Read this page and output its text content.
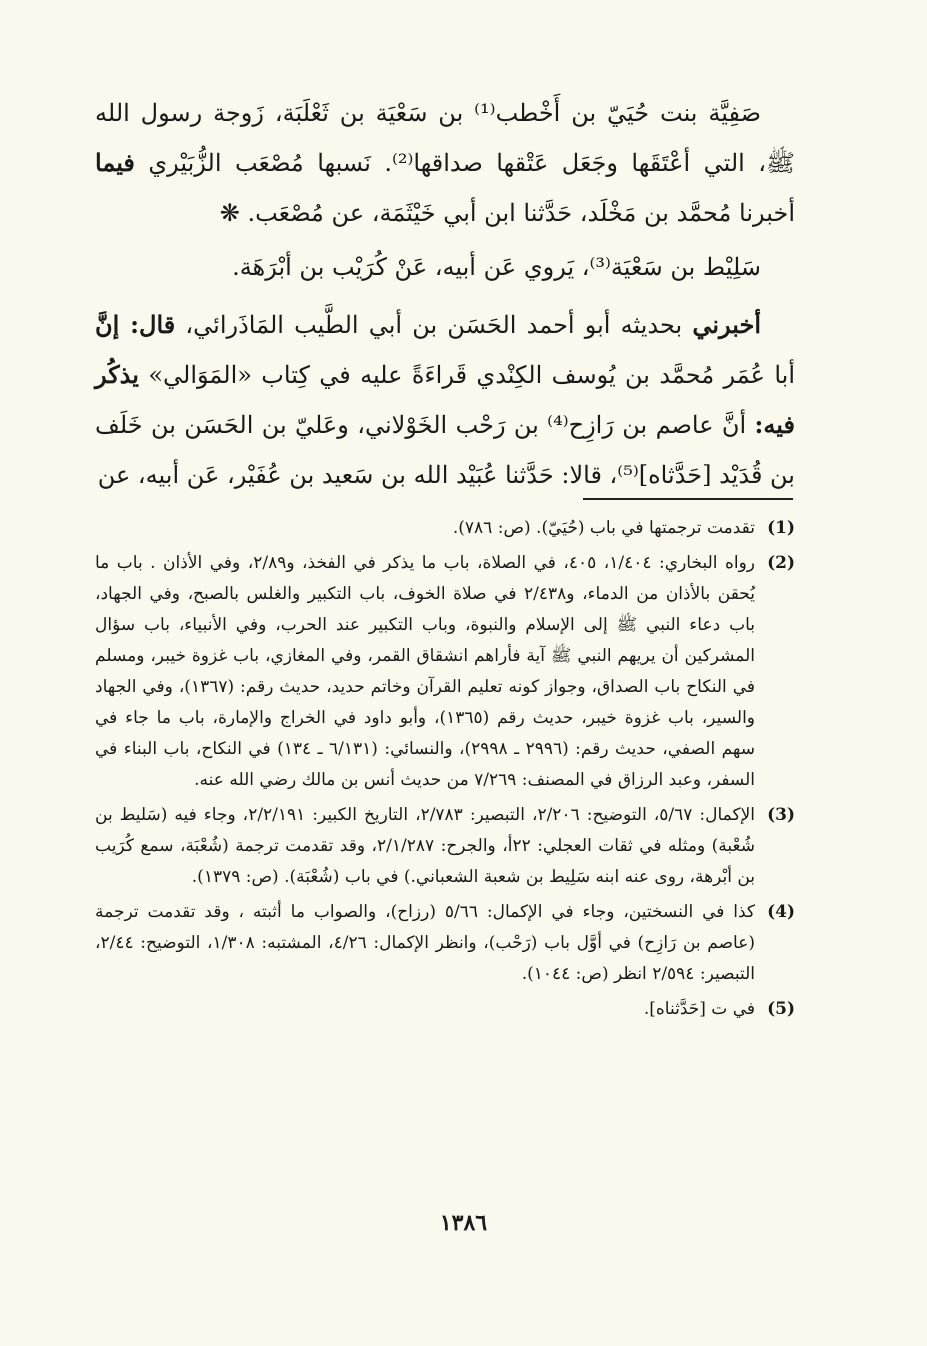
صَفِيَّة بنت حُيَيّ بن أَخْطب⁽¹⁾ بن سَعْيَة بن ثَعْلَبَة، زَوجة رسول الله ﷺ، التي أعْتَقَها وجَعَل عَتْقها صداقها⁽²⁾. نَسبها مُصْعَب الزُّبَيْري فيما أخبرنا مُحمَّد بن مَخْلَد، حَدَّثنا ابن أبي خَيْثَمَة، عن مُصْعَب. ❋

سَلِيْط بن سَعْيَة⁽³⁾، يَروي عَن أبيه، عَنْ كُرَيْب بن أبْرَهَة.

أخبرني بحديثه أبو أحمد الحَسَن بن أبي الطَّيب المَاذَرائي، قال: إنَّ أبا عُمَر مُحمَّد بن يُوسف الكِنْدي قَراءَةً عليه في كِتاب «المَوَالي» يذكُر فيه: أنَّ عاصم بن رَازِح⁽⁴⁾ بن رَحْب الخَوْلاني، وعَليّ بن الحَسَن بن خَلَف بن قُدَيْد [حَدَّثاه]⁽⁵⁾، قالا: حَدَّثنا عُبَيْد الله بن سَعيد بن عُفَيْر، عَن أبيه، عن

(1)
تقدمت ترجمتها في باب (حُيَيّ). (ص: ٧٨٦).

(2)
رواه البخاري: ١/٤٠٤، ٤٠٥، في الصلاة، باب ما يذكر في الفخذ، و٢/٨٩، وفي الأذان . باب ما يُحقن بالأذان من الدماء، و٢/٤٣٨ في صلاة الخوف، باب التكبير والغلس بالصبح، وفي الجهاد، باب دعاء النبي ﷺ إلى الإسلام والنبوة، وباب التكبير عند الحرب، وفي الأنبياء، باب سؤال المشركين أن يريهم النبي ﷺ آية فأراهم انشقاق القمر، وفي المغازي، باب غزوة خيبر، ومسلم في النكاح باب الصداق، وجواز كونه تعليم القرآن وخاتم حديد، حديث رقم: (١٣٦٧)، وفي الجهاد والسير، باب غزوة خيبر، حديث رقم (١٣٦٥)، وأبو داود في الخراج والإمارة، باب ما جاء في سهم الصفي، حديث رقم: (٢٩٩٦ ـ ٢٩٩٨)، والنسائي: (٦/١٣١ ـ ١٣٤) في النكاح، باب البناء في السفر، وعبد الرزاق في المصنف: ٧/٢٦٩ من حديث أنس بن مالك رضي الله عنه.

(3)
الإكمال: ٥/٦٧، التوضيح: ٢/٢٠٦، التبصير: ٢/٧٨٣، التاريخ الكبير: ٢/٢/١٩١، وجاء فيه (سَليط بن شُعْبة) ومثله في ثقات العجلي: ٢٢أ، والجرح: ٢/١/٢٨٧، وقد تقدمت ترجمة (شُعْبَة، سمع كُرَيب بن أبْرهة، روى عنه ابنه سَلِيط بن شعبة الشعباني.) في باب (شُعْبَة). (ص: ١٣٧٩).

(4)
كذا في النسختين، وجاء في الإكمال: ٥/٦٦ (رزاح)، والصواب ما أثبته ، وقد تقدمت ترجمة (عاصم بن رَازِح) في أوَّل باب (رَحْب)، وانظر الإكمال: ٤/٢٦، المشتبه: ١/٣٠٨، التوضيح: ٢/٤٤، التبصير: ٢/٥٩٤ انظر (ص: ١٠٤٤).

(5)
في ت [حَدَّثناه].

١٣٨٦
